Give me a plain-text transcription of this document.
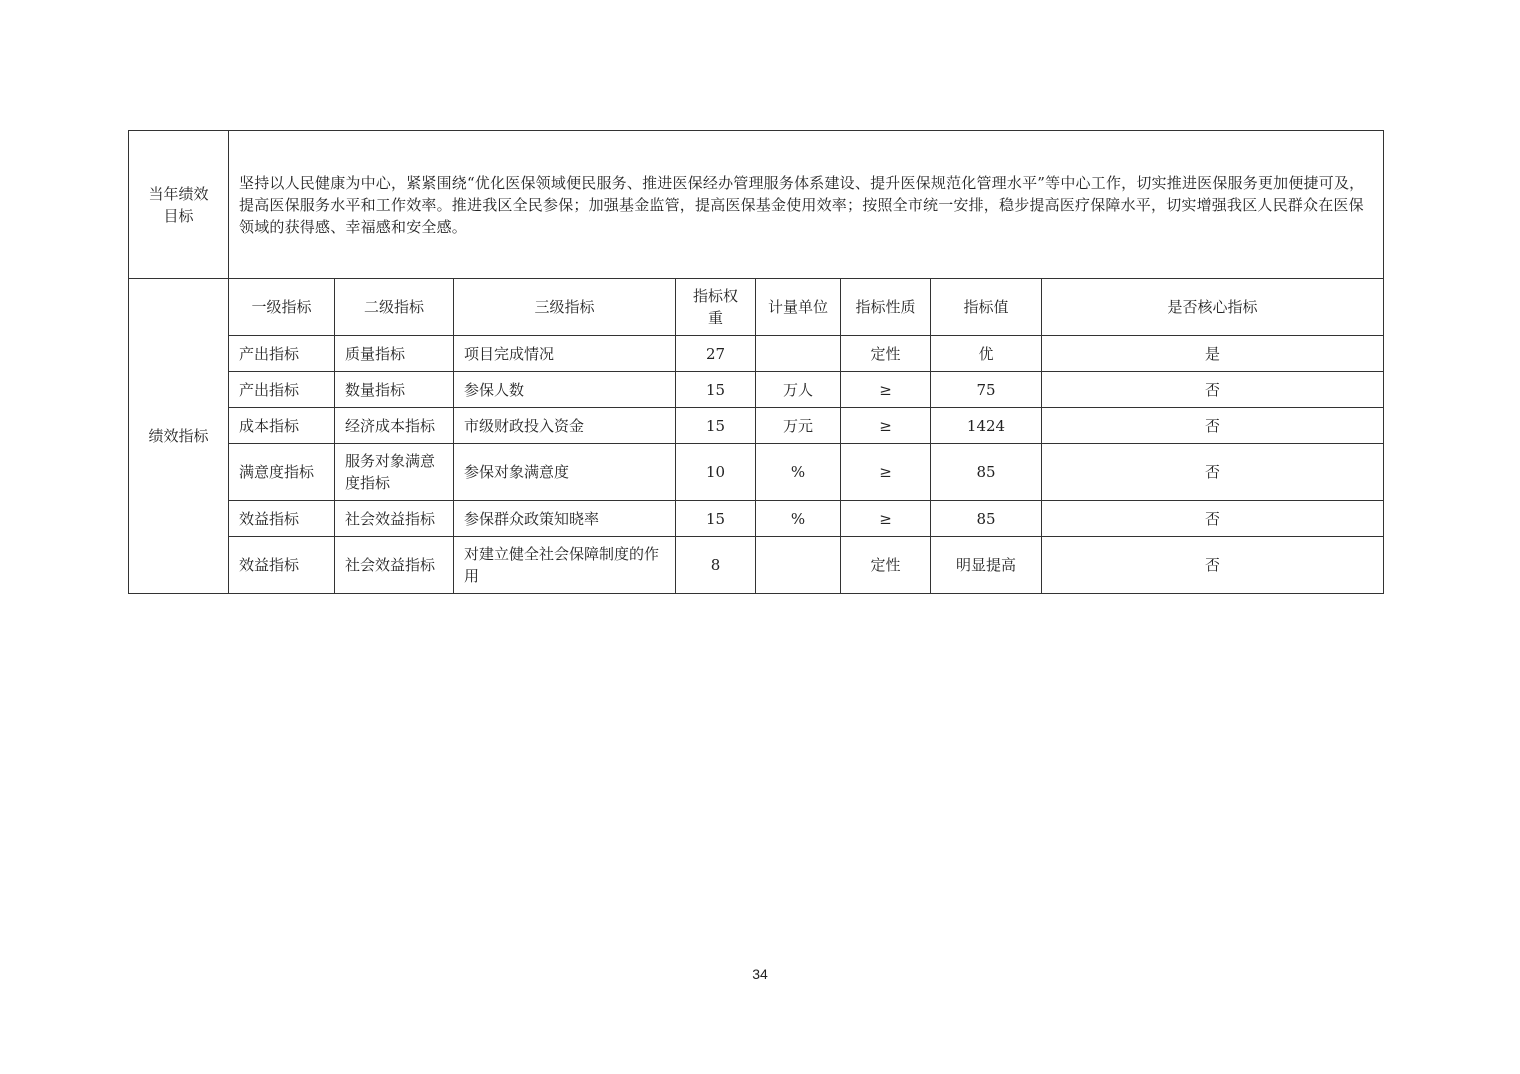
当年绩效
目标	坚持以人民健康为中心，紧紧围绕“优化医保领域便民服务、推进医保经办管理服务体系建设、提升医保规范化管理水平”等中心工作，切实推进医保服务更加便捷可及，提高医保服务水平和工作效率。推进我区全民参保；加强基金监管，提高医保基金使用效率；按照全市统一安排，稳步提高医疗保障水平，切实增强我区人民群众在医保领域的获得感、幸福感和安全感。							
绩效指标	一级指标	二级指标	三级指标	指标权重	计量单位	指标性质	指标值	是否核心指标
	产出指标	质量指标	项目完成情况	27		定性	优	是
	产出指标	数量指标	参保人数	15	万人	≥	75	否
	成本指标	经济成本指标	市级财政投入资金	15	万元	≥	1424	否
	满意度指标	服务对象满意度指标	参保对象满意度	10	%	≥	85	否
	效益指标	社会效益指标	参保群众政策知晓率	15	%	≥	85	否
	效益指标	社会效益指标	对建立健全社会保障制度的作用	8		定性	明显提高	否
34
